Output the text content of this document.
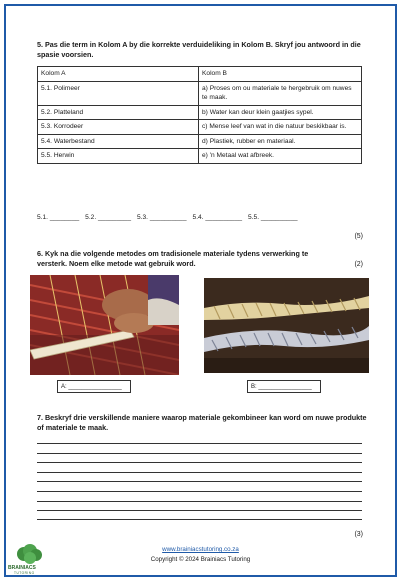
5. Pas die term in Kolom A by die korrekte verduideliking in Kolom B. Skryf jou antwoord in die spasie voorsien.
Kolom A	Kolom B
5.1. Polimeer	a) Proses om ou materiale te hergebruik om nuwes te maak.
5.2. Platteland	b) Water kan deur klein gaatjies sypel.
5.3. Korrodeer	c) Mense leef van wat in die natuur beskikbaar is.
5.4. Waterbestand	d) Plastiek, rubber en materiaal.
5.5. Herwin	e) 'n Metaal wat afbreek.
5.1. ________ 5.2. _________ 5.3. __________ 5.4. __________ 5.5. __________
(5)
6. Kyk na die volgende metodes om tradisionele materiale tydens verwerking te versterk. Noem elke metode wat gebruik word.	(2)
A: ________________	B: ________________
7. Beskryf drie verskillende maniere waarop materiale gekombineer kan word om nuwe produkte of materiale te maak.
(3)
www.brainiacstutoring.co.za
Copyright © 2024 Brainiacs Tutoring
BRAINIACS
TUTORING
